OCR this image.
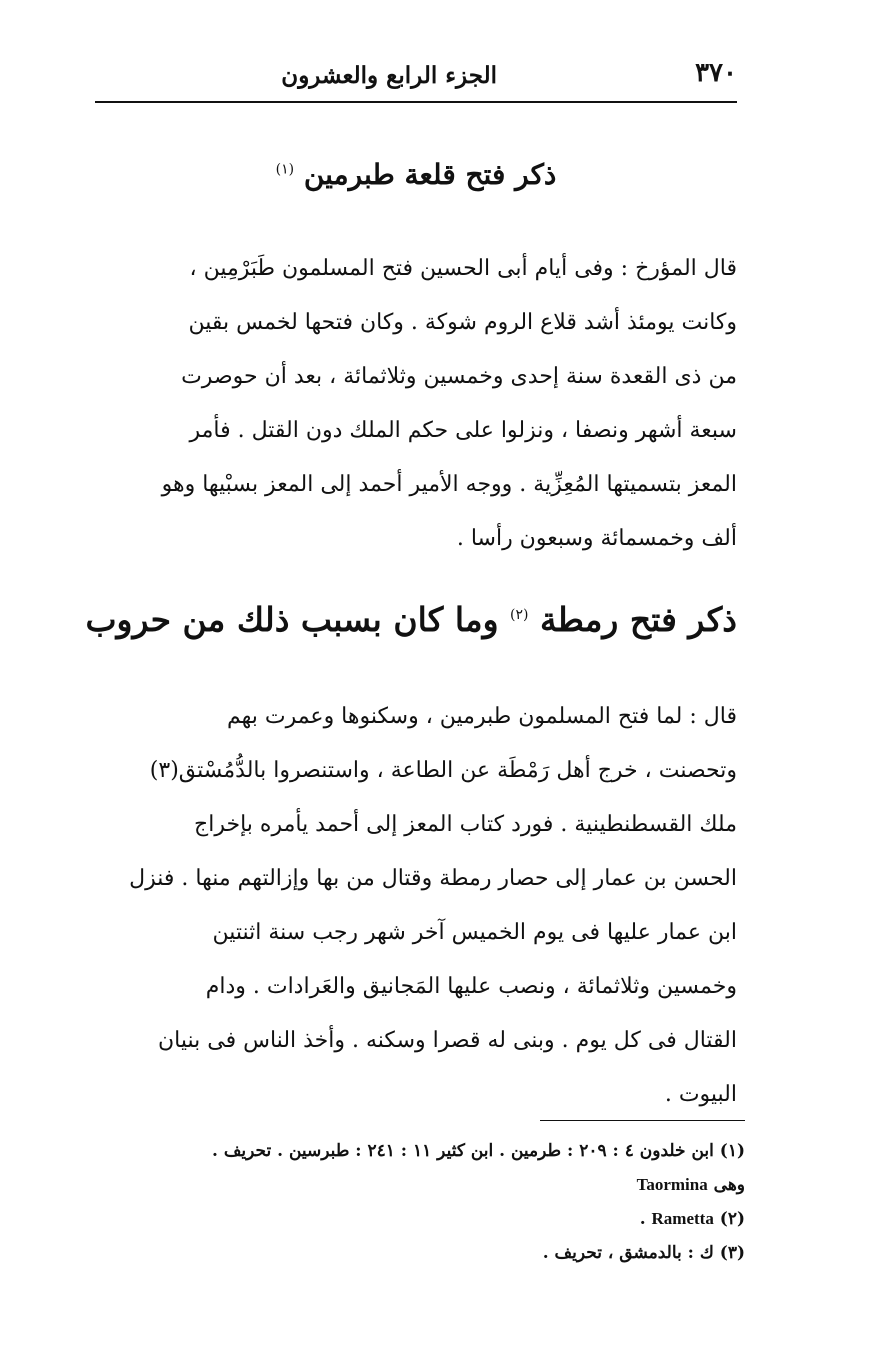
٣٧٠
الجزء الرابع والعشرون
ذكر فتح قلعة طبرمين $^{(١)}$
قال المؤرخ : وفى أيام أبى الحسين فتح المسلمون طَبَرْمِين ،
وكانت يومئذ أشد قلاع الروم شوكة . وكان فتحها لخمس بقين
من ذى القعدة سنة إحدى وخمسين وثلاثمائة ، بعد أن حوصرت
سبعة أشهر ونصفا ، ونزلوا على حكم الملك دون القتل . فأمر
المعز بتسميتها المُعِزِّية . ووجه الأمير أحمد إلى المعز بسبْيها وهو
ألف وخمسمائة وسبعون رأسا .
ذكر فتح رمطة $^{(٢)}$ وما كان بسبب ذلك من حروب
قال : لما فتح المسلمون طبرمين ، وسكنوها وعمرت بهم
وتحصنت ، خرج أهل رَمْطَة عن الطاعة ، واستنصروا بالدُّمُسْتق(٣)
ملك القسطنطينية . فورد كتاب المعز إلى أحمد يأمره بإخراج
الحسن بن عمار إلى حصار رمطة وقتال من بها وإزالتهم منها . فنزل
ابن عمار عليها فى يوم الخميس آخر شهر رجب سنة اثنتين
وخمسين وثلاثمائة ، ونصب عليها المَجانيق والعَرادات . ودام
القتال فى كل يوم . وبنى له قصرا وسكنه . وأخذ الناس فى بنيان
البيوت .
(١) ابن خلدون ٤ : ٢٠٩ : طرمين . ابن كثير ١١ : ٢٤١ : طبرسين . تحريف .
وهى Taormina
(٢) Rametta .
(٣) ك : بالدمشق ، تحريف .
